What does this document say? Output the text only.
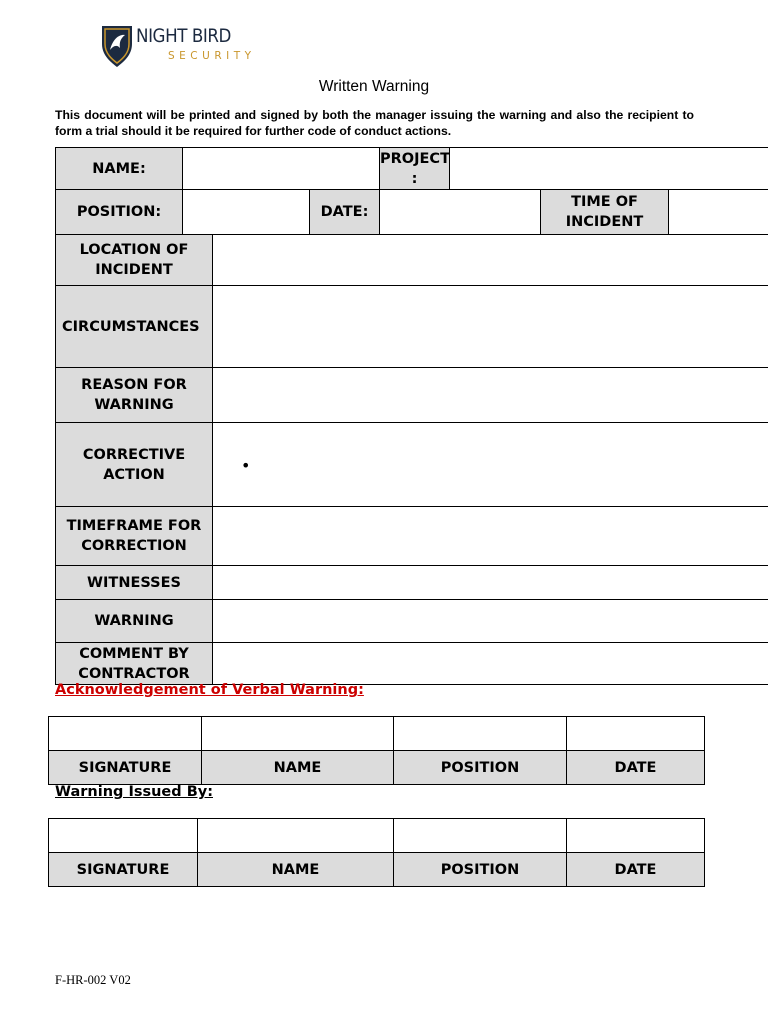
NIGHT BIRD
SECURITY
Written Warning
This document will be printed and signed by both the manager issuing the warning and also the recipient to form a trial should it be required for further code of conduct actions.
NAME:				PROJECT :			
POSITION:			DATE:			TIME OF INCIDENT	
LOCATION OF INCIDENT							
CIRCUMSTANCES							
REASON FOR WARNING							
CORRECTIVE ACTION		•					

TIMEFRAME FOR CORRECTION							
WITNESSES							
WARNING							
COMMENT BY CONTRACTOR							
Acknowledgement of Verbal Warning:

SIGNATURE	NAME	POSITION	DATE
Warning Issued By:

SIGNATURE	NAME	POSITION	DATE
F-HR-002 V02
